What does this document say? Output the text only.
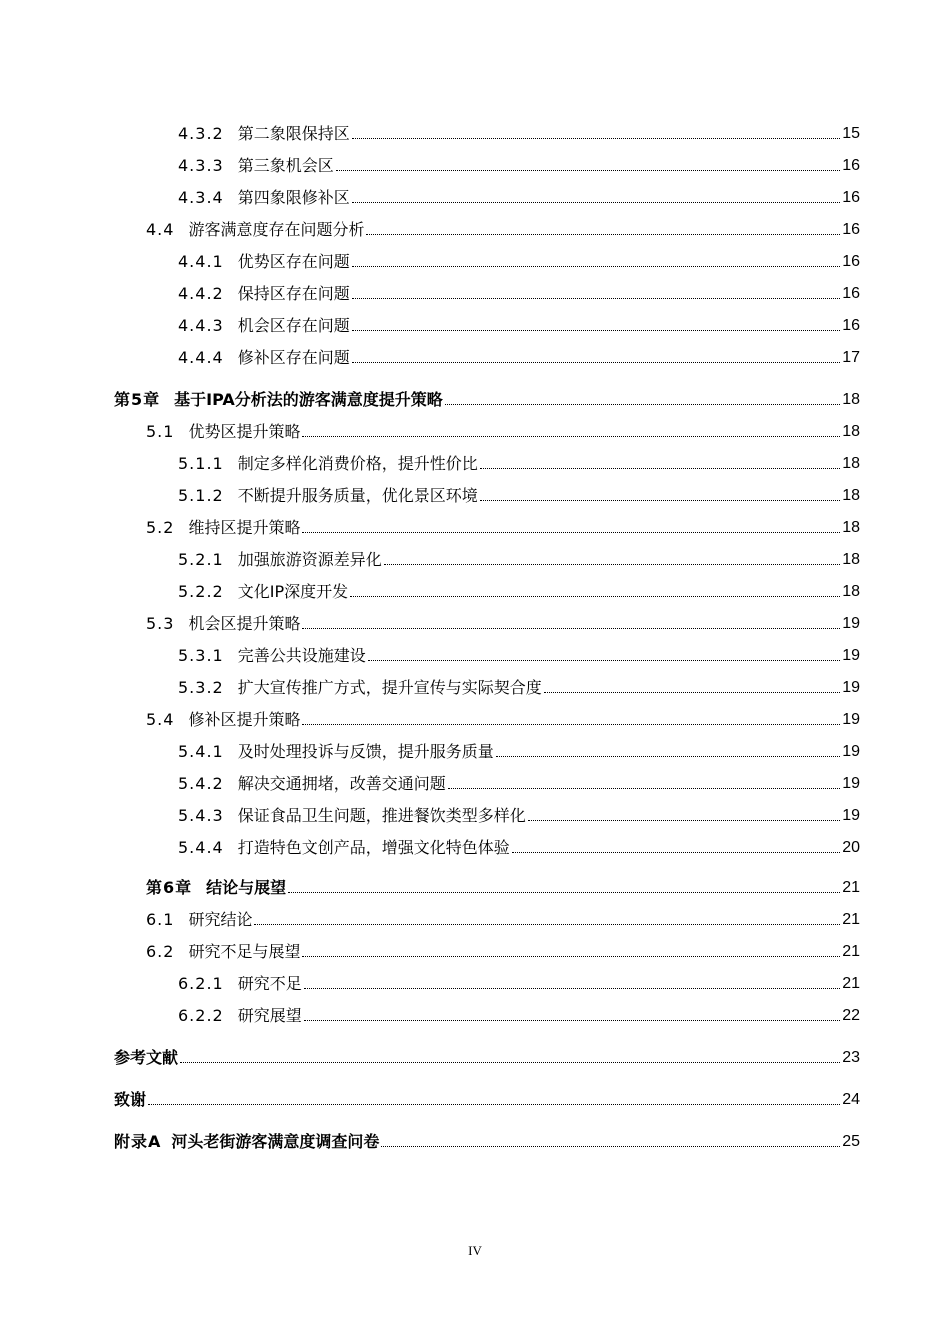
4.3.2 第二象限保持区	15
4.3.3 第三象机会区	16
4.3.4 第四象限修补区	16
4.4 游客满意度存在问题分析	16
4.4.1 优势区存在问题	16
4.4.2 保持区存在问题	16
4.4.3 机会区存在问题	16
4.4.4 修补区存在问题	17
第5章 基于IPA分析法的游客满意度提升策略	18
5.1 优势区提升策略	18
5.1.1 制定多样化消费价格，提升性价比	18
5.1.2 不断提升服务质量，优化景区环境	18
5.2 维持区提升策略	18
5.2.1 加强旅游资源差异化	18
5.2.2 文化IP深度开发	18
5.3 机会区提升策略	19
5.3.1 完善公共设施建设	19
5.3.2 扩大宣传推广方式，提升宣传与实际契合度	19
5.4 修补区提升策略	19
5.4.1 及时处理投诉与反馈，提升服务质量	19
5.4.2 解决交通拥堵，改善交通问题	19
5.4.3 保证食品卫生问题，推进餐饮类型多样化	19
5.4.4 打造特色文创产品，增强文化特色体验	20
第6章 结论与展望	21
6.1 研究结论	21
6.2 研究不足与展望	21
6.2.1 研究不足	21
6.2.2 研究展望	22
参考文献	23
致谢	24
附录A 河头老街游客满意度调查问卷	25
IV
